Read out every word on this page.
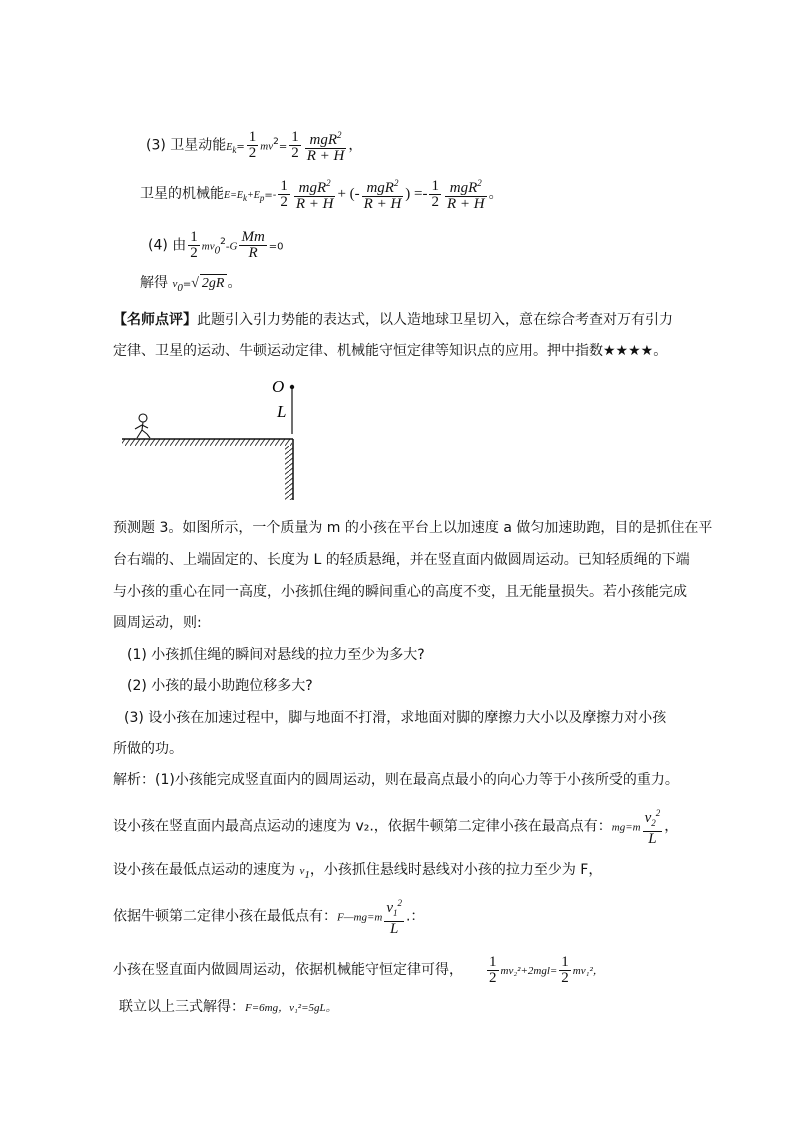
(3) 卫星动能$E_k= \frac{1}{2} mv^2= \frac{1}{2} \frac{mgR^2}{R + H}$ ，
卫星的机械能$E=E_k+E_p=- \frac{1}{2} \frac{mgR^2}{R + H}$ + (- $\frac{mgR^2}{R + H}$ ) =- $\frac{1}{2} \frac{mgR^2}{R + H}$ 。
(4) 由 $\frac{1}{2} mv_0^2-G \frac{Mm}{R} =0$
解得 $v_0=√$ 2gR 。
【名师点评】此题引入引力势能的表达式，以人造地球卫星切入，意在综合考查对万有引力
定律、卫星的运动、牛顿运动定律、机械能守恒定律等知识点的应用。押中指数★★★★。
O
L
预测题 3。如图所示，一个质量为 m 的小孩在平台上以加速度 a 做匀加速助跑，目的是抓住在平
台右端的、上端固定的、长度为 L 的轻质悬绳，并在竖直面内做圆周运动。已知轻质绳的下端
与小孩的重心在同一高度，小孩抓住绳的瞬间重心的高度不变，且无能量损失。若小孩能完成
圆周运动，则:
(1) 小孩抓住绳的瞬间对悬线的拉力至少为多大?
(2) 小孩的最小助跑位移多大?
(3) 设小孩在加速过程中，脚与地面不打滑，求地面对脚的摩擦力大小以及摩擦力对小孩
所做的功。
解析：(1)小孩能完成竖直面内的圆周运动，则在最高点最小的向心力等于小孩所受的重力。
设小孩在竖直面内最高点运动的速度为 v₂.，依据牛顿第二定律小孩在最高点有：$mg=m \frac{v_2^2}{L}$ ，
设小孩在最低点运动的速度为 $v_1$，小孩抓住悬线时悬线对小孩的拉力至少为 F，
依据牛顿第二定律小孩在最低点有：F—mg=m $\frac{v_1^2}{L}$ .：
小孩在竖直面内做圆周运动，依据机械能守恒定律可得， $\frac{1}{2} mv_2^2+2mgl= \frac{1}{2} mv_1^2$，
联立以上三式解得：F=6mg，v₁²=5gL。
